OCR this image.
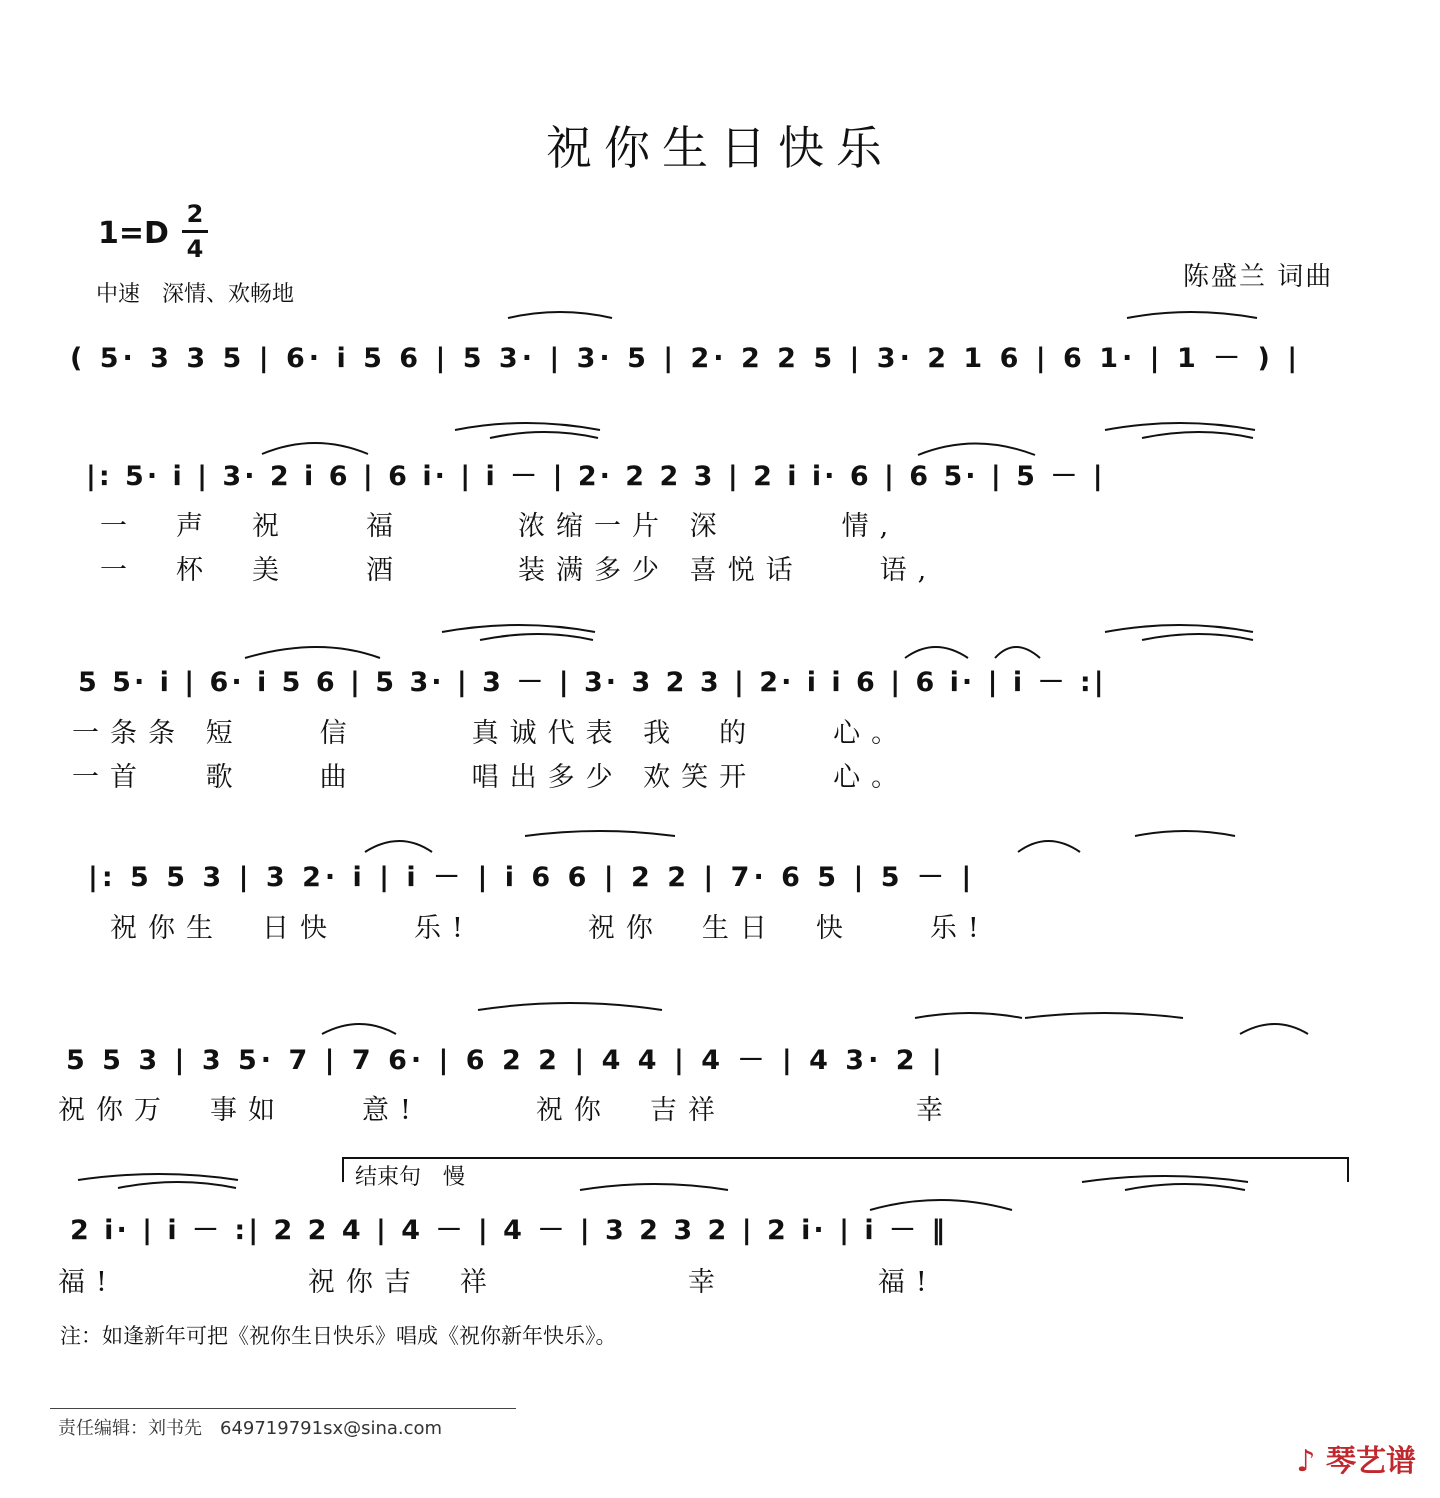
祝你生日快乐
1=D
2
4
中速　深情、欢畅地
陈盛兰 词曲
( 5· 3 3 5 | 6· i 5 6 | 5 3· | 3· 5 | 2· 2 2 5 | 3· 2 1 6 | 6 1· | 1 － ) |
|: 5· i | 3· 2 i 6 | 6 i· | i － | 2· 2 2 3 | 2 i i· 6 | 6 5· | 5 － |
一　声　祝　　福　　　浓缩一片 深　　　情,
一　杯　美　　酒　　　装满多少 喜悦话　　语,
5 5· i | 6· i 5 6 | 5 3· | 3 － | 3· 3 2 3 | 2· i i 6 | 6 i· | i － :|
一条条 短　　信　　　真诚代表 我　的　　心。
一首　 歌　　曲　　　唱出多少 欢笑开　　心。
|: 5 5 3 | 3 2· i | i － | i 6 6 | 2 2 | 7· 6 5 | 5 － |
祝你生　日快　　乐!　　　祝你　生日　快　　乐!
5 5 3 | 3 5· 7 | 7 6· | 6 2 2 | 4 4 | 4 － | 4 3· 2 |
祝你万　事如　　意!　　　祝你　吉祥　　　　　幸
结束句　慢
2 i· | i － :| 2 2 4 | 4 － | 4 － | 3 2 3 2 | 2 i· | i － ‖
福!　　　　　祝你吉　祥　　　　　幸　　　　福!
注：如逢新年可把《祝你生日快乐》唱成《祝你新年快乐》。
责任编辑：刘书先　649719791sx@sina.com
♪ 琴艺谱
